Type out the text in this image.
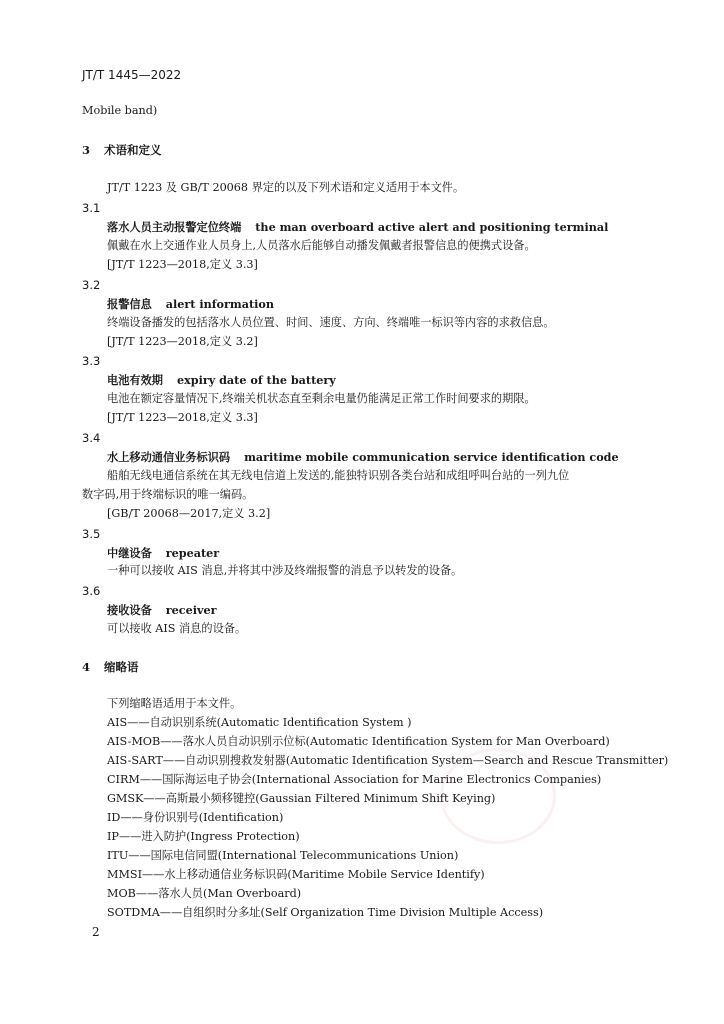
JT/T 1445—2022
Mobile band)
3 术语和定义
JT/T 1223 及 GB/T 20068 界定的以及下列术语和定义适用于本文件。
3.1
落水人员主动报警定位终端 the man overboard active alert and positioning terminal
佩戴在水上交通作业人员身上,人员落水后能够自动播发佩戴者报警信息的便携式设备。
[JT/T 1223—2018,定义 3.3]
3.2
报警信息 alert information
终端设备播发的包括落水人员位置、时间、速度、方向、终端唯一标识等内容的求救信息。
[JT/T 1223—2018,定义 3.2]
3.3
电池有效期 expiry date of the battery
电池在额定容量情况下,终端关机状态直至剩余电量仍能满足正常工作时间要求的期限。
[JT/T 1223—2018,定义 3.3]
3.4
水上移动通信业务标识码 maritime mobile communication service identification code
船舶无线电通信系统在其无线电信道上发送的,能独特识别各类台站和成组呼叫台站的一列九位
数字码,用于终端标识的唯一编码。
[GB/T 20068—2017,定义 3.2]
3.5
中继设备 repeater
一种可以接收 AIS 消息,并将其中涉及终端报警的消息予以转发的设备。
3.6
接收设备 receiver
可以接收 AIS 消息的设备。
4 缩略语
下列缩略语适用于本文件。
AIS——自动识别系统(Automatic Identification System )
AIS-MOB——落水人员自动识别示位标(Automatic Identification System for Man Overboard)
AIS-SART——自动识别搜救发射器(Automatic Identification System—Search and Rescue Transmitter)
CIRM——国际海运电子协会(International Association for Marine Electronics Companies)
GMSK——高斯最小频移键控(Gaussian Filtered Minimum Shift Keying)
ID——身份识别号(Identification)
IP——进入防护(Ingress Protection)
ITU——国际电信同盟(International Telecommunications Union)
MMSI——水上移动通信业务标识码(Maritime Mobile Service Identify)
MOB——落水人员(Man Overboard)
SOTDMA——自组织时分多址(Self Organization Time Division Multiple Access)
2
